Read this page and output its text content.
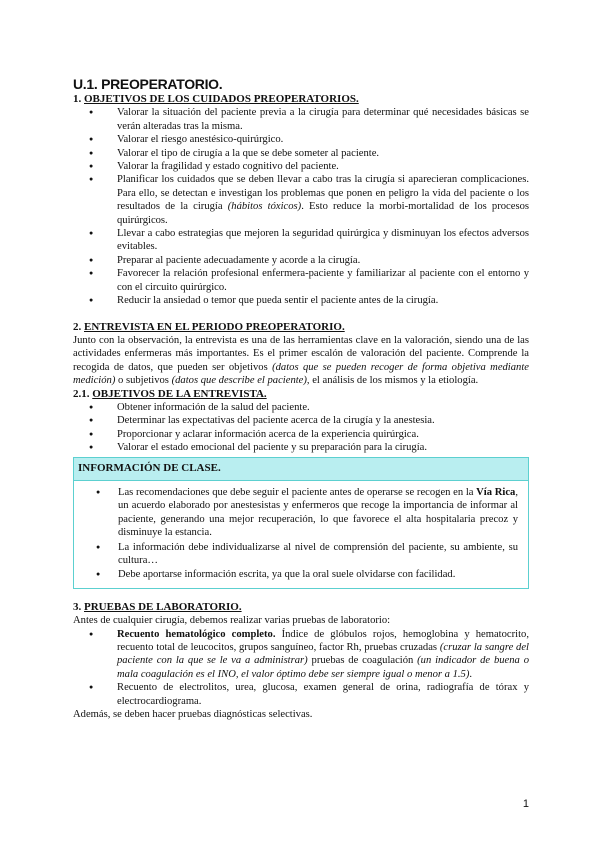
U.1. PREOPERATORIO.
1. OBJETIVOS DE LOS CUIDADOS PREOPERATORIOS.
● Valorar la situación del paciente previa a la cirugía para determinar qué necesidades básicas se verán alteradas tras la misma.
● Valorar el riesgo anestésico-quirúrgico.
● Valorar el tipo de cirugía a la que se debe someter al paciente.
● Valorar la fragilidad y estado cognitivo del paciente.
● Planificar los cuidados que se deben llevar a cabo tras la cirugía si aparecieran complicaciones. Para ello, se detectan e investigan los problemas que ponen en peligro la vida del paciente o los resultados de la cirugía (hábitos tóxicos). Esto reduce la morbi-mortalidad de los procesos quirúrgicos.
● Llevar a cabo estrategias que mejoren la seguridad quirúrgica y disminuyan los efectos adversos evitables.
● Preparar al paciente adecuadamente y acorde a la cirugía.
● Favorecer la relación profesional enfermera-paciente y familiarizar al paciente con el entorno y con el circuito quirúrgico.
● Reducir la ansiedad o temor que pueda sentir el paciente antes de la cirugía.
2. ENTREVISTA EN EL PERIODO PREOPERATORIO.

Junto con la observación, la entrevista es una de las herramientas clave en la valoración, siendo una de las actividades enfermeras más importantes. Es el primer escalón de valoración del paciente. Comprende la recogida de datos, que pueden ser objetivos (datos que se pueden recoger de forma objetiva mediante medición) o subjetivos (datos que describe el paciente), el análisis de los mismos y la etiología.

2.1. OBJETIVOS DE LA ENTREVISTA.
● Obtener información de la salud del paciente.
● Determinar las expectativas del paciente acerca de la cirugía y la anestesia.
● Proporcionar y aclarar información acerca de la experiencia quirúrgica.
● Valorar el estado emocional del paciente y su preparación para la cirugía.
INFORMACIÓN DE CLASE.
● Las recomendaciones que debe seguir el paciente antes de operarse se recogen en la Vía Rica, un acuerdo elaborado por anestesistas y enfermeros que recoge la importancia de informar al paciente, generando una mejor recuperación, lo que favorece el alta hospitalaria precoz y disminuye la estancia.
● La información debe individualizarse al nivel de comprensión del paciente, su ambiente, su cultura…
● Debe aportarse información escrita, ya que la oral suele olvidarse con facilidad.
3. PRUEBAS DE LABORATORIO.

Antes de cualquier cirugía, debemos realizar varias pruebas de laboratorio:

● Recuento hematológico completo. Índice de glóbulos rojos, hemoglobina y hematocrito, recuento total de leucocitos, grupos sanguíneo, factor Rh, pruebas cruzadas (cruzar la sangre del paciente con la que se le va a administrar) pruebas de coagulación (un indicador de buena o mala coagulación es el INO, el valor óptimo debe ser siempre igual o menor a 1.5).
● Recuento de electrolitos, urea, glucosa, examen general de orina, radiografía de tórax y electrocardiograma.

Además, se deben hacer pruebas diagnósticas selectivas.

1
